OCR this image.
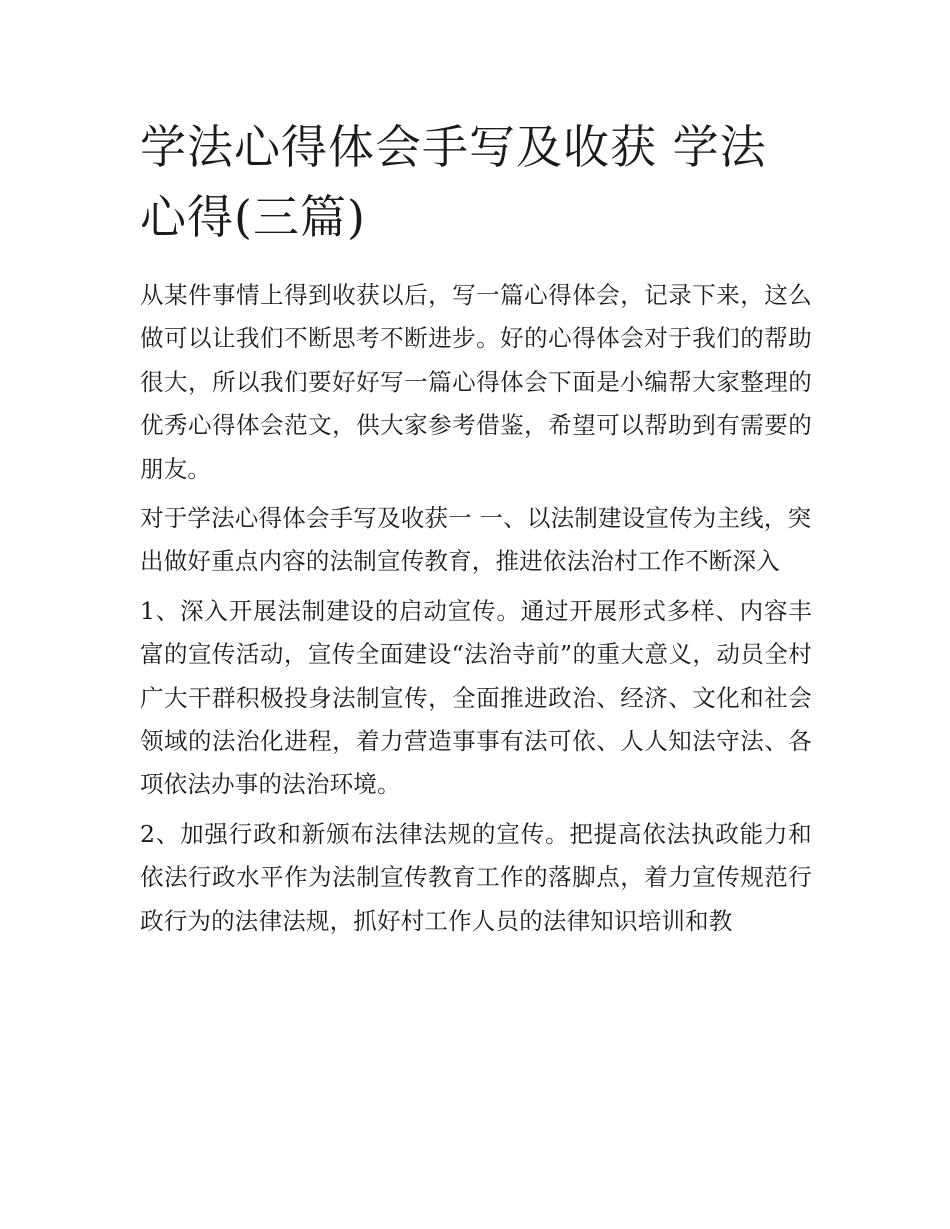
学法心得体会手写及收获 学法心得(三篇)

从某件事情上得到收获以后，写一篇心得体会，记录下来，这么做可以让我们不断思考不断进步。好的心得体会对于我们的帮助很大，所以我们要好好写一篇心得体会下面是小编帮大家整理的优秀心得体会范文，供大家参考借鉴，希望可以帮助到有需要的朋友。

对于学法心得体会手写及收获一 一、以法制建设宣传为主线，突出做好重点内容的法制宣传教育，推进依法治村工作不断深入

1、深入开展法制建设的启动宣传。通过开展形式多样、内容丰富的宣传活动，宣传全面建设“法治寺前”的重大意义，动员全村广大干群积极投身法制宣传，全面推进政治、经济、文化和社会领域的法治化进程，着力营造事事有法可依、人人知法守法、各项依法办事的法治环境。

2、加强行政和新颁布法律法规的宣传。把提高依法执政能力和依法行政水平作为法制宣传教育工作的落脚点，着力宣传规范行政行为的法律法规，抓好村工作人员的法律知识培训和教
